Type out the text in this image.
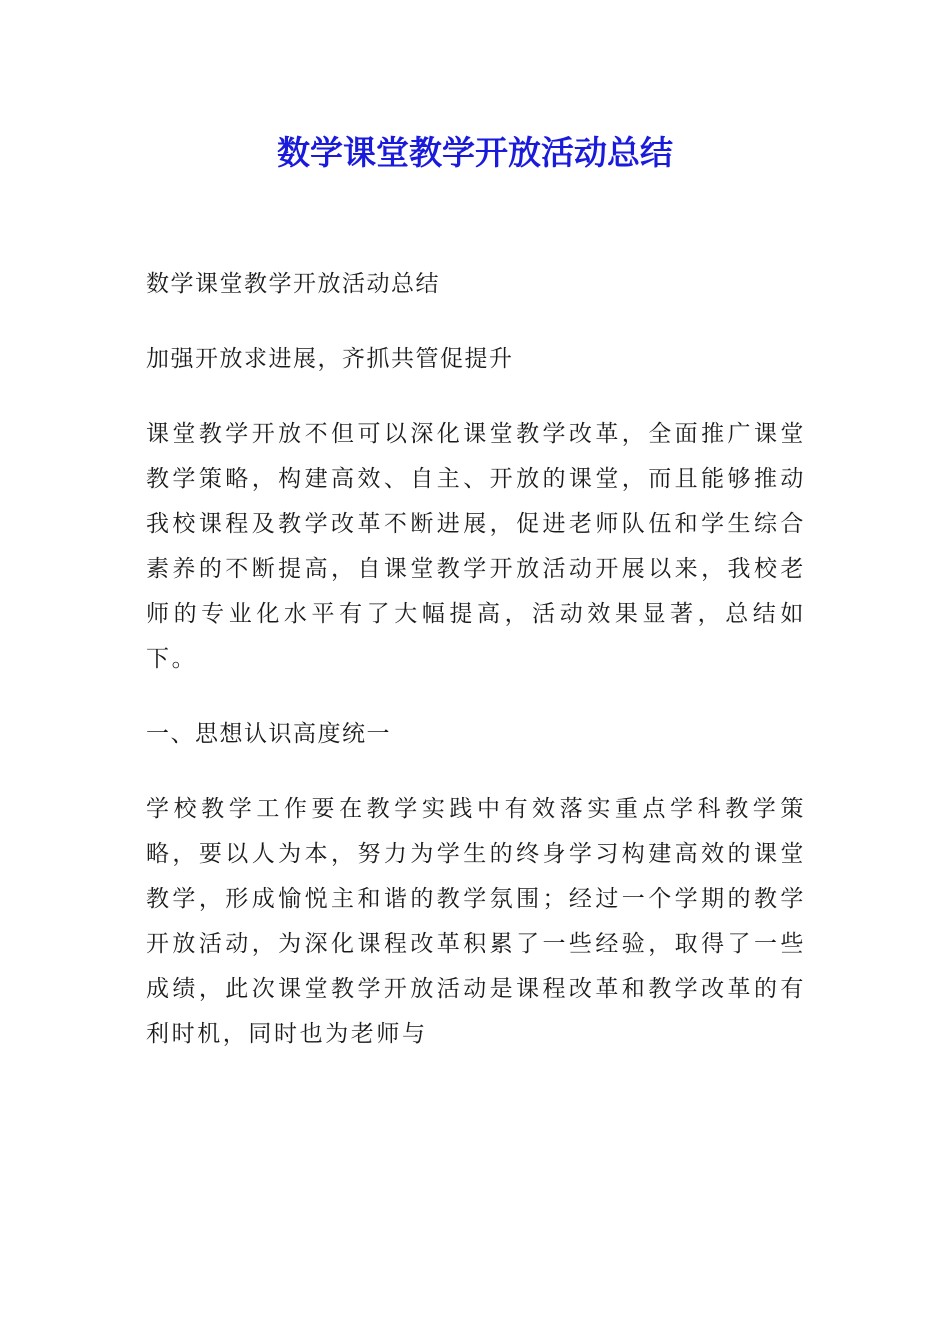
数学课堂教学开放活动总结

数学课堂教学开放活动总结

加强开放求进展，齐抓共管促提升

课堂教学开放不但可以深化课堂教学改革，全面推广课堂教学策略，构建高效、自主、开放的课堂，而且能够推动我校课程及教学改革不断进展，促进老师队伍和学生综合素养的不断提高，自课堂教学开放活动开展以来，我校老师的专业化水平有了大幅提高，活动效果显著，总结如下。

一、思想认识高度统一

学校教学工作要在教学实践中有效落实重点学科教学策略，要以人为本，努力为学生的终身学习构建高效的课堂教学，形成愉悦主和谐的教学氛围；经过一个学期的教学开放活动，为深化课程改革积累了一些经验，取得了一些成绩，此次课堂教学开放活动是课程改革和教学改革的有利时机，同时也为老师与
